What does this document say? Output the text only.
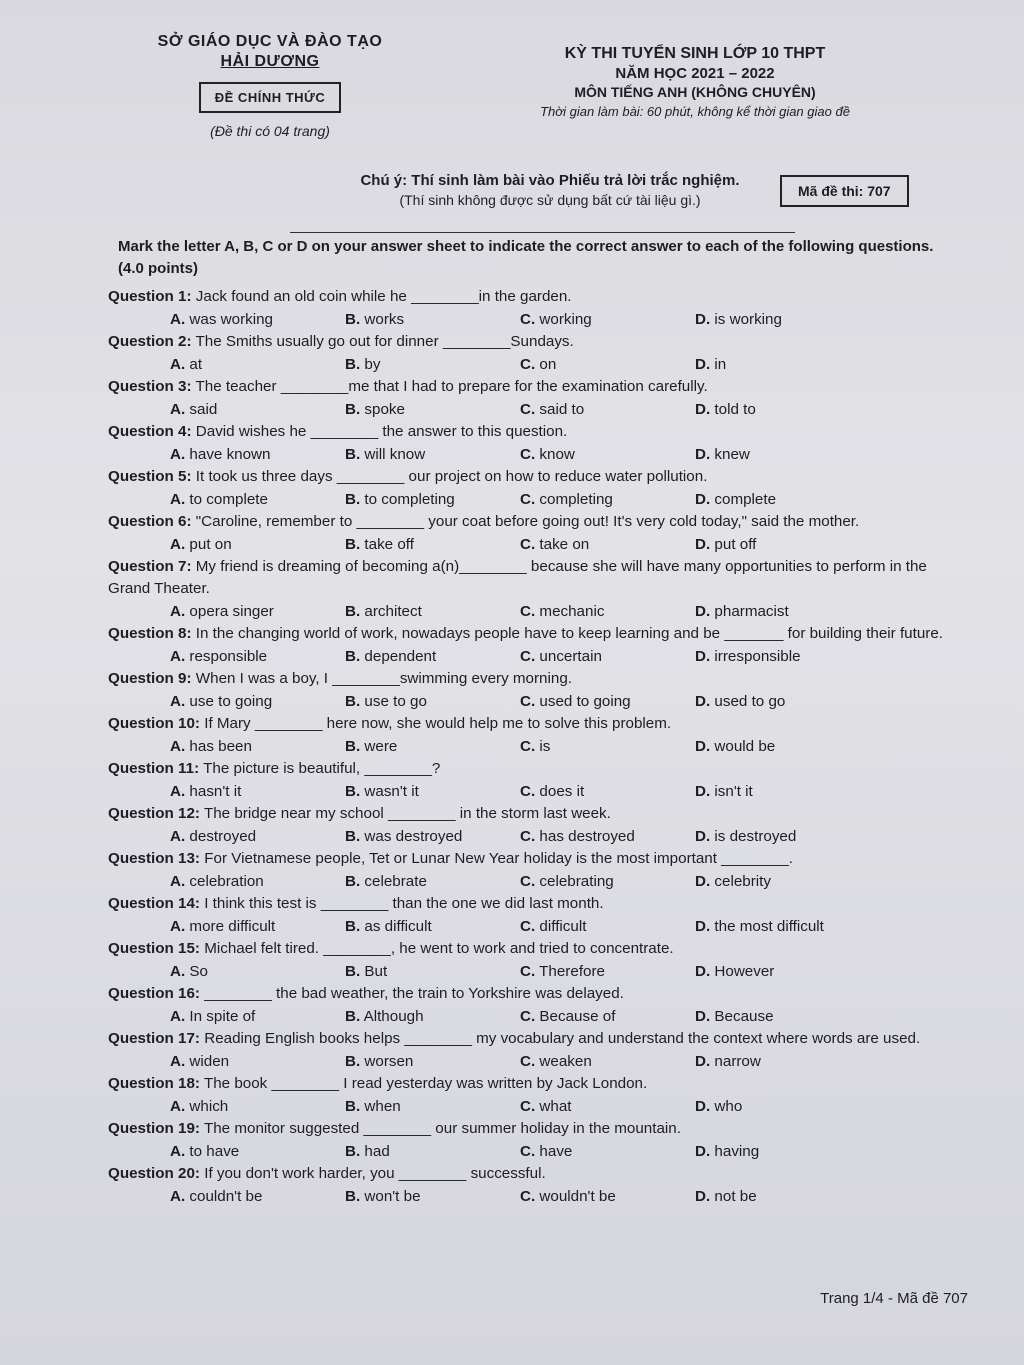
SỞ GIÁO DỤC VÀ ĐÀO TẠO
HẢI DƯƠNG
ĐỀ CHÍNH THỨC
(Đề thi có 04 trang)
KỲ THI TUYỂN SINH LỚP 10 THPT
NĂM HỌC 2021 – 2022
MÔN TIẾNG ANH (KHÔNG CHUYÊN)
Thời gian làm bài: 60 phút, không kể thời gian giao đề
Chú ý: Thí sinh làm bài vào Phiếu trả lời trắc nghiệm.
(Thí sinh không được sử dụng bất cứ tài liệu gì.)
Mã đề thi: 707
Mark the letter A, B, C or D on your answer sheet to indicate the correct answer to each of the following questions. (4.0 points)
Question 1: Jack found an old coin while he ________in the garden.
A. was working	B. works	C. working	D. is working
Question 2: The Smiths usually go out for dinner ________Sundays.
A. at	B. by	C. on	D. in
Question 3: The teacher ________me that I had to prepare for the examination carefully.
A. said	B. spoke	C. said to	D. told to
Question 4: David wishes he ________ the answer to this question.
A. have known	B. will know	C. know	D. knew
Question 5: It took us three days ________ our project on how to reduce water pollution.
A. to complete	B. to completing	C. completing	D. complete
Question 6: "Caroline, remember to ________ your coat before going out! It's very cold today," said the mother.
A. put on	B. take off	C. take on	D. put off
Question 7: My friend is dreaming of becoming a(n)________ because she will have many opportunities to perform in the Grand Theater.
A. opera singer	B. architect	C. mechanic	D. pharmacist
Question 8: In the changing world of work, nowadays people have to keep learning and be _______ for building their future.
A. responsible	B. dependent	C. uncertain	D. irresponsible
Question 9: When I was a boy, I ________swimming every morning.
A. use to going	B. use to go	C. used to going	D. used to go
Question 10: If Mary ________ here now, she would help me to solve this problem.
A. has been	B. were	C. is	D. would be
Question 11: The picture is beautiful, ________?
A. hasn't it	B. wasn't it	C. does it	D. isn't it
Question 12: The bridge near my school ________ in the storm last week.
A. destroyed	B. was destroyed	C. has destroyed	D. is destroyed
Question 13: For Vietnamese people, Tet or Lunar New Year holiday is the most important ________.
A. celebration	B. celebrate	C. celebrating	D. celebrity
Question 14: I think this test is ________ than the one we did last month.
A. more difficult	B. as difficult	C. difficult	D. the most difficult
Question 15: Michael felt tired. ________, he went to work and tried to concentrate.
A. So	B. But	C. Therefore	D. However
Question 16: ________ the bad weather, the train to Yorkshire was delayed.
A. In spite of	B. Although	C. Because of	D. Because
Question 17: Reading English books helps ________ my vocabulary and understand the context where words are used.
A. widen	B. worsen	C. weaken	D. narrow
Question 18: The book ________ I read yesterday was written by Jack London.
A. which	B. when	C. what	D. who
Question 19: The monitor suggested ________ our summer holiday in the mountain.
A. to have	B. had	C. have	D. having
Question 20: If you don't work harder, you ________ successful.
A. couldn't be	B. won't be	C. wouldn't be	D. not be
Trang 1/4 - Mã đề 707
